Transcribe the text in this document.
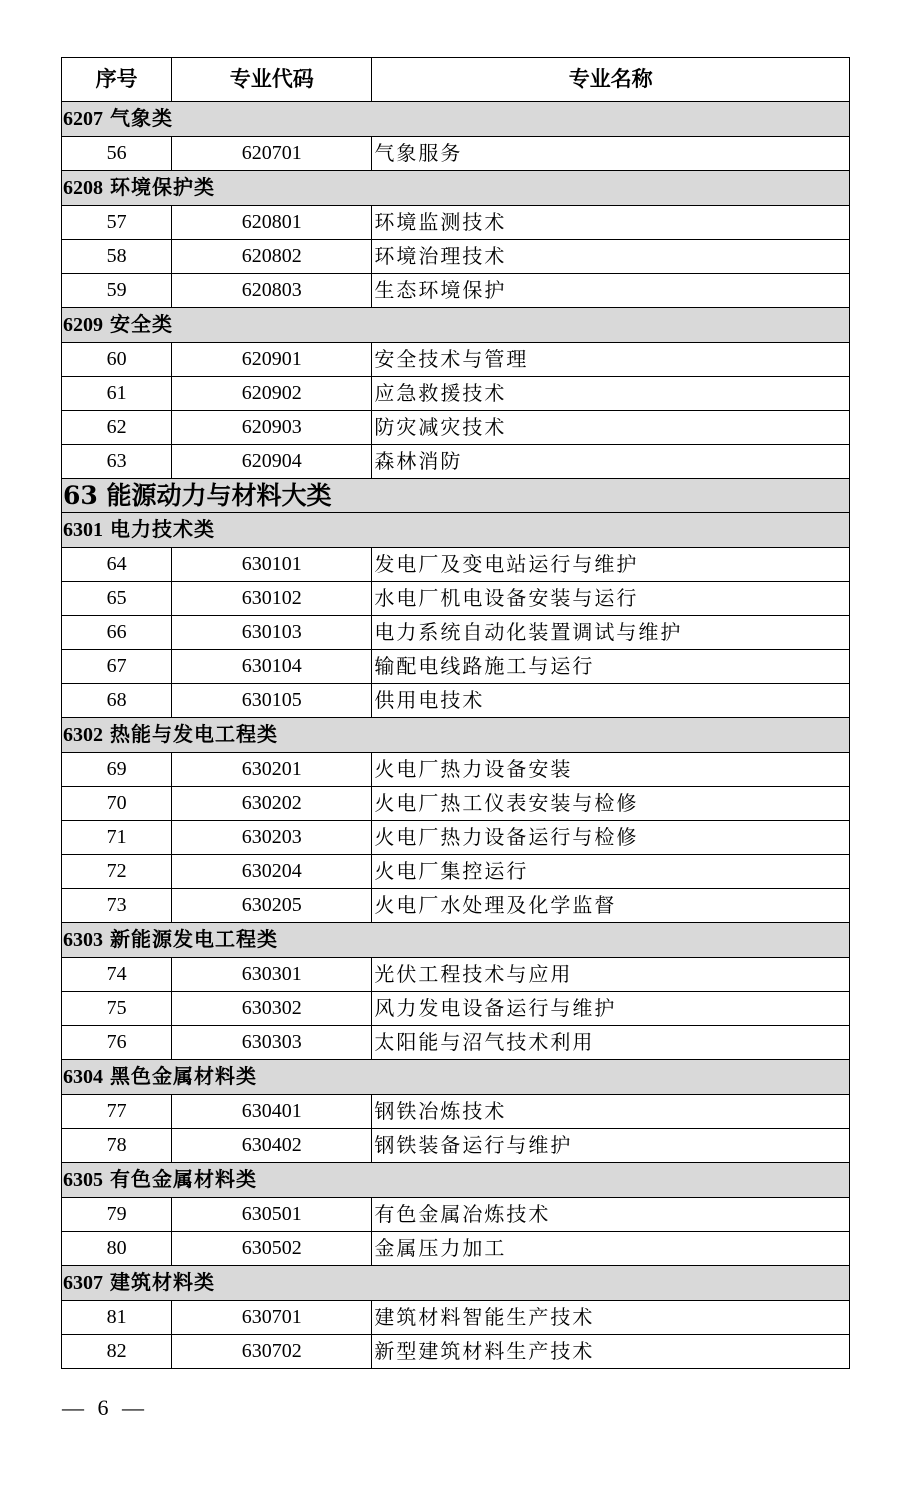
序号	专业代码	专业名称
6207 气象类		
56	620701	气象服务
6208 环境保护类		
57	620801	环境监测技术
58	620802	环境治理技术
59	620803	生态环境保护
6209 安全类		
60	620901	安全技术与管理
61	620902	应急救援技术
62	620903	防灾减灾技术
63	620904	森林消防
63 能源动力与材料大类		
6301 电力技术类		
64	630101	发电厂及变电站运行与维护
65	630102	水电厂机电设备安装与运行
66	630103	电力系统自动化装置调试与维护
67	630104	输配电线路施工与运行
68	630105	供用电技术
6302 热能与发电工程类		
69	630201	火电厂热力设备安装
70	630202	火电厂热工仪表安装与检修
71	630203	火电厂热力设备运行与检修
72	630204	火电厂集控运行
73	630205	火电厂水处理及化学监督
6303 新能源发电工程类		
74	630301	光伏工程技术与应用
75	630302	风力发电设备运行与维护
76	630303	太阳能与沼气技术利用
6304 黑色金属材料类		
77	630401	钢铁冶炼技术
78	630402	钢铁装备运行与维护
6305 有色金属材料类		
79	630501	有色金属冶炼技术
80	630502	金属压力加工
6307 建筑材料类		
81	630701	建筑材料智能生产技术
82	630702	新型建筑材料生产技术
— 6 —
